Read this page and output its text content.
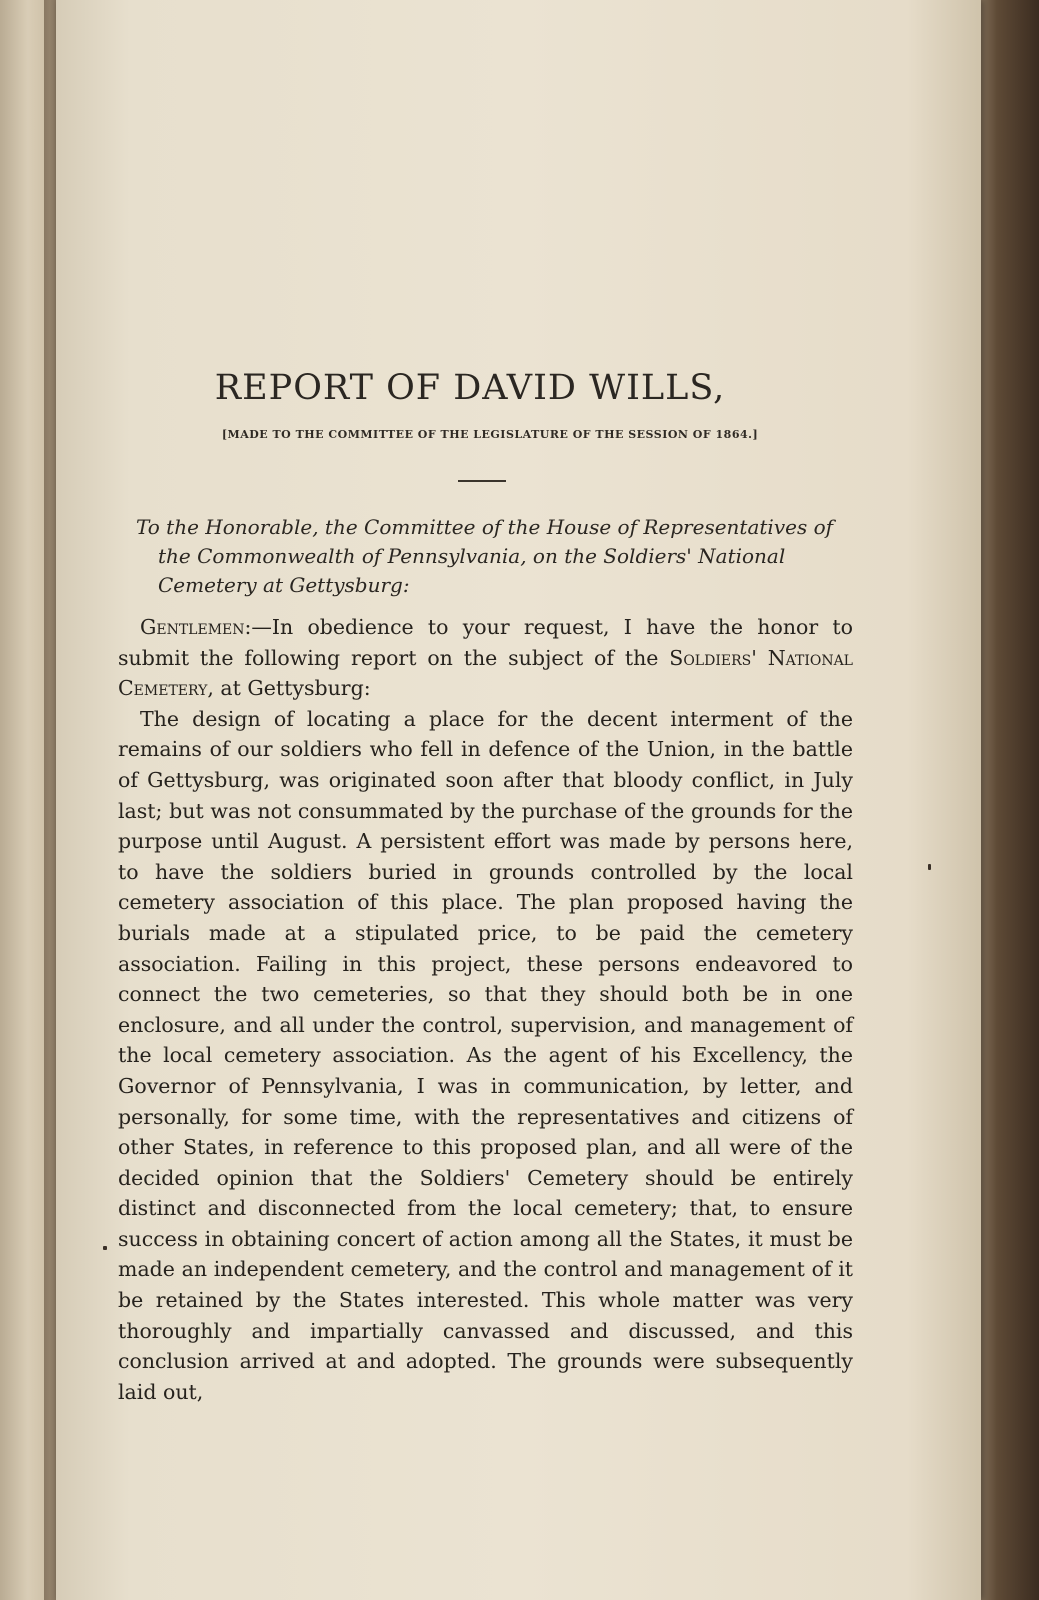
REPORT OF DAVID WILLS,
[MADE TO THE COMMITTEE OF THE LEGISLATURE OF THE SESSION OF 1864.]
To the Honorable, the Committee of the House of Representatives of
the Commonwealth of Pennsylvania, on the Soldiers' National
Cemetery at Gettysburg:

Gentlemen:—In obedience to your request, I have the honor to submit the following report on the subject of the Soldiers' National Cemetery, at Gettysburg:

The design of locating a place for the decent interment of the remains of our soldiers who fell in defence of the Union, in the battle of Gettysburg, was originated soon after that bloody conflict, in July last; but was not consummated by the purchase of the grounds for the purpose until August. A persistent effort was made by persons here, to have the soldiers buried in grounds controlled by the local cemetery association of this place. The plan proposed having the burials made at a stipulated price, to be paid the cemetery association. Failing in this project, these persons endeavored to connect the two cemeteries, so that they should both be in one enclosure, and all under the control, supervision, and management of the local cemetery association. As the agent of his Excellency, the Governor of Pennsylvania, I was in communication, by letter, and personally, for some time, with the representatives and citizens of other States, in reference to this proposed plan, and all were of the decided opinion that the Soldiers' Cemetery should be entirely distinct and disconnected from the local cemetery; that, to ensure success in obtaining concert of action among all the States, it must be made an independent cemetery, and the control and management of it be retained by the States interested. This whole matter was very thoroughly and impartially canvassed and discussed, and this conclusion arrived at and adopted. The grounds were subsequently laid out,
